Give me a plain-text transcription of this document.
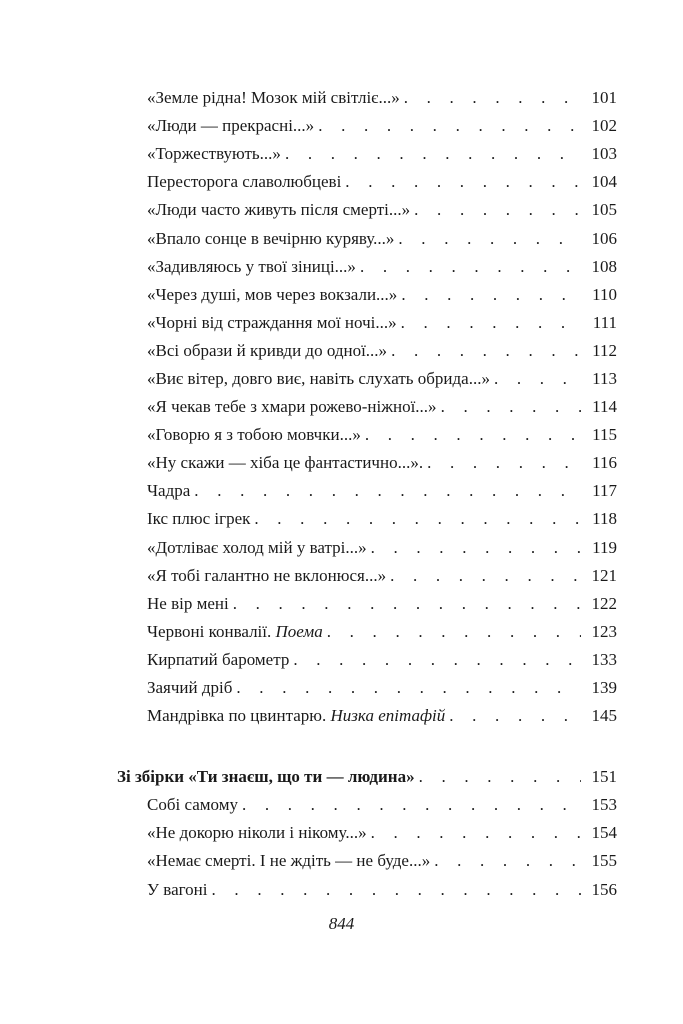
«Земле рідна! Мозок мій світліє...» . . .	101
«Люди — прекрасні...» . . .	102
«Торжествують...» . . .	103
Пересторога славолюбцеві . . .	104
«Люди часто живуть після смерті...» . . .	105
«Впало сонце в вечірню куряву...» . . .	106
«Задивляюсь у твої зіниці...» . . .	108
«Через душі, мов через вокзали...» . . .	110
«Чорні від страждання мої ночі...» . . .	111
«Всі образи й кривди до одної...» . . .	112
«Виє вітер, довго виє, навіть слухать обрида...» . . .	113
«Я чекав тебе з хмари рожево-ніжної...» . . .	114
«Говорю я з тобою мовчки...» . . .	115
«Ну скажи — хіба це фантастично...». . . .	116
Чадра . . .	117
Ікс плюс ігрек . . .	118
«Дотліває холод мій у ватрі...» . . .	119
«Я тобі галантно не вклонюся...» . . .	121
Не вір мені . . .	122
Червоні конвалії. Поема . . .	123
Кирпатий барометр . . .	133
Заячий дріб . . .	139
Мандрівка по цвинтарю. Низка епітафій . . .	145
Зі збірки «Ти знаєш, що ти — людина» . . .	151
Собі самому . . .	153
«Не докорю ніколи і нікому...» . . .	154
«Немає смерті. І не ждіть — не буде...» . . .	155
У вагоні . . .	156
844
